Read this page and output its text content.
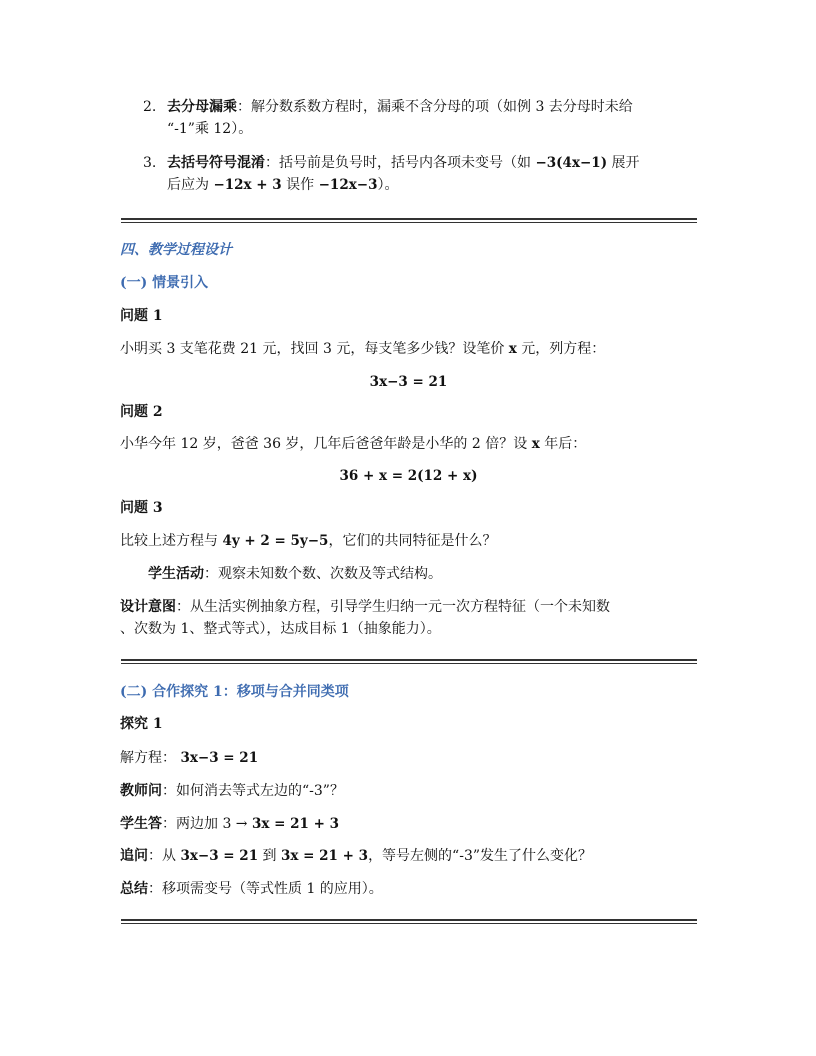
2. 去分母漏乘：解分数系数方程时，漏乘不含分母的项（如例 3 去分母时未给
“-1”乘 12）。
3. 去括号符号混淆：括号前是负号时，括号内各项未变号（如 −3(4x−1) 展开
后应为 −12x + 3 误作 −12x−3）。
四、教学过程设计
(一) 情景引入
问题 1
小明买 3 支笔花费 21 元，找回 3 元，每支笔多少钱？设笔价 x 元，列方程：
3x−3 = 21
问题 2
小华今年 12 岁，爸爸 36 岁，几年后爸爸年龄是小华的 2 倍？设 x 年后：
36 + x = 2(12 + x)
问题 3
比较上述方程与 4y + 2 = 5y−5，它们的共同特征是什么？
学生活动：观察未知数个数、次数及等式结构。
设计意图：从生活实例抽象方程，引导学生归纳一元一次方程特征（一个未知数
、次数为 1、整式等式），达成目标 1（抽象能力）。
(二) 合作探究 1：移项与合并同类项
探究 1
解方程： 3x−3 = 21
教师问：如何消去等式左边的“-3”？
学生答：两边加 3 → 3x = 21 + 3
追问：从 3x−3 = 21 到 3x = 21 + 3，等号左侧的“-3”发生了什么变化？
总结：移项需变号（等式性质 1 的应用）。
